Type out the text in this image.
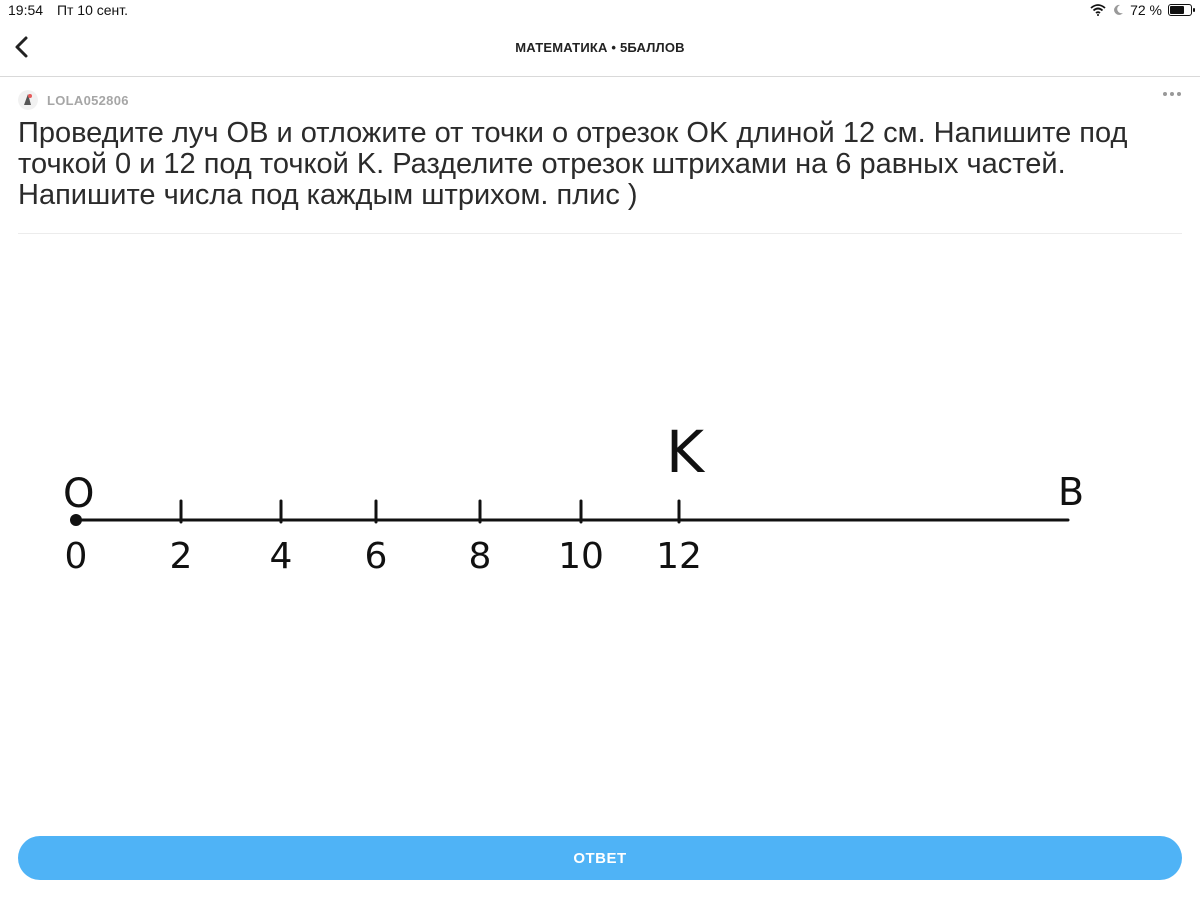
19:54 Пт 10 сент.	72 %
МАТЕМАТИКА • 5БАЛЛОВ
LOLA052806
Проведите луч OB и отложите от точки о отрезок OK длиной 12 см. Напишите под точкой 0 и 12 под точкой K. Разделите отрезок штрихами на 6 равных частей. Напишите числа под каждым штрихом. плис )
0 2 4 6 8 10 12
O	B
K
ОТВЕТ
